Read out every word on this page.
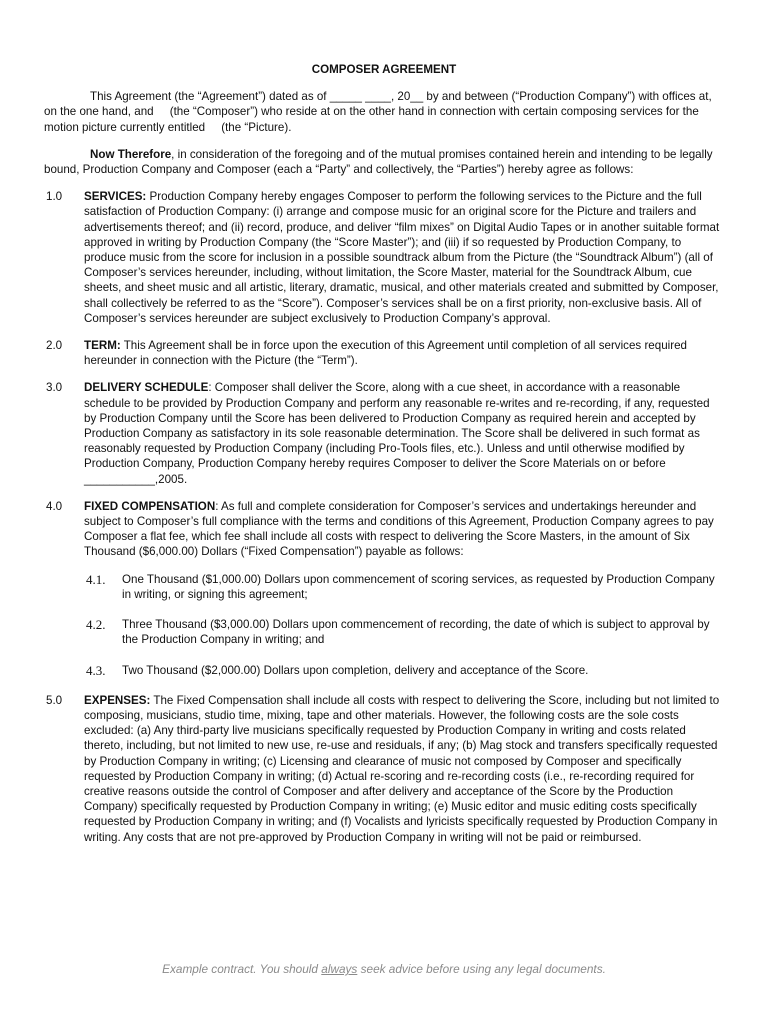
COMPOSER AGREEMENT

This Agreement (the “Agreement”) dated as of _____ ____, 20__ by and between (“Production Company”) with offices at, on the one hand, and     (the “Composer”) who reside at on the other hand in connection with certain composing services for the motion picture currently entitled     (the “Picture).

Now Therefore, in consideration of the foregoing and of the mutual promises contained herein and intending to be legally bound, Production Company and Composer (each a “Party” and collectively, the “Parties”) hereby agree as follows:

1.0 SERVICES: Production Company hereby engages Composer to perform the following services to the Picture and the full satisfaction of Production Company: (i) arrange and compose music for an original score for the Picture and trailers and advertisements thereof; and (ii) record, produce, and deliver “film mixes” on Digital Audio Tapes or in another suitable format approved in writing by Production Company (the “Score Master”); and (iii) if so requested by Production Company, to produce music from the score for inclusion in a possible soundtrack album from the Picture (the “Soundtrack Album”) (all of Composer’s services hereunder, including, without limitation, the Score Master, material for the Soundtrack Album, cue sheets, and sheet music and all artistic, literary, dramatic, musical, and other materials created and submitted by Composer, shall collectively be referred to as the “Score”). Composer’s services shall be on a first priority, non-exclusive basis. All of Composer’s services hereunder are subject exclusively to Production Company’s approval.
2.0 TERM: This Agreement shall be in force upon the execution of this Agreement until completion of all services required hereunder in connection with the Picture (the “Term”).
3.0 DELIVERY SCHEDULE: Composer shall deliver the Score, along with a cue sheet, in accordance with a reasonable schedule to be provided by Production Company and perform any reasonable re-writes and re-recording, if any, requested by Production Company until the Score has been delivered to Production Company as required herein and accepted by Production Company as satisfactory in its sole reasonable determination. The Score shall be delivered in such format as reasonably requested by Production Company (including Pro-Tools files, etc.). Unless and until otherwise modified by Production Company, Production Company hereby requires Composer to deliver the Score Materials on or before ___________,2005.
4.0 FIXED COMPENSATION: As full and complete consideration for Composer’s services and undertakings hereunder and subject to Composer’s full compliance with the terms and conditions of this Agreement, Production Company agrees to pay Composer a flat fee, which fee shall include all costs with respect to delivering the Score Masters, in the amount of Six Thousand ($6,000.00) Dollars (“Fixed Compensation”) payable as follows:
4.1. One Thousand ($1,000.00) Dollars upon commencement of scoring services, as requested by Production Company in writing, or signing this agreement;
4.2. Three Thousand ($3,000.00) Dollars upon commencement of recording, the date of which is subject to approval by the Production Company in writing; and
4.3. Two Thousand ($2,000.00) Dollars upon completion, delivery and acceptance of the Score.
5.0 EXPENSES: The Fixed Compensation shall include all costs with respect to delivering the Score, including but not limited to composing, musicians, studio time, mixing, tape and other materials. However, the following costs are the sole costs excluded: (a) Any third-party live musicians specifically requested by Production Company in writing and costs related thereto, including, but not limited to new use, re-use and residuals, if any; (b) Mag stock and transfers specifically requested by Production Company in writing; (c) Licensing and clearance of music not composed by Composer and specifically requested by Production Company in writing; (d) Actual re-scoring and re-recording costs (i.e., re-recording required for creative reasons outside the control of Composer and after delivery and acceptance of the Score by the Production Company) specifically requested by Production Company in writing; (e) Music editor and music editing costs specifically requested by Production Company in writing; and (f) Vocalists and lyricists specifically requested by Production Company in writing. Any costs that are not pre-approved by Production Company in writing will not be paid or reimbursed.
Example contract. You should always seek advice before using any legal documents.
